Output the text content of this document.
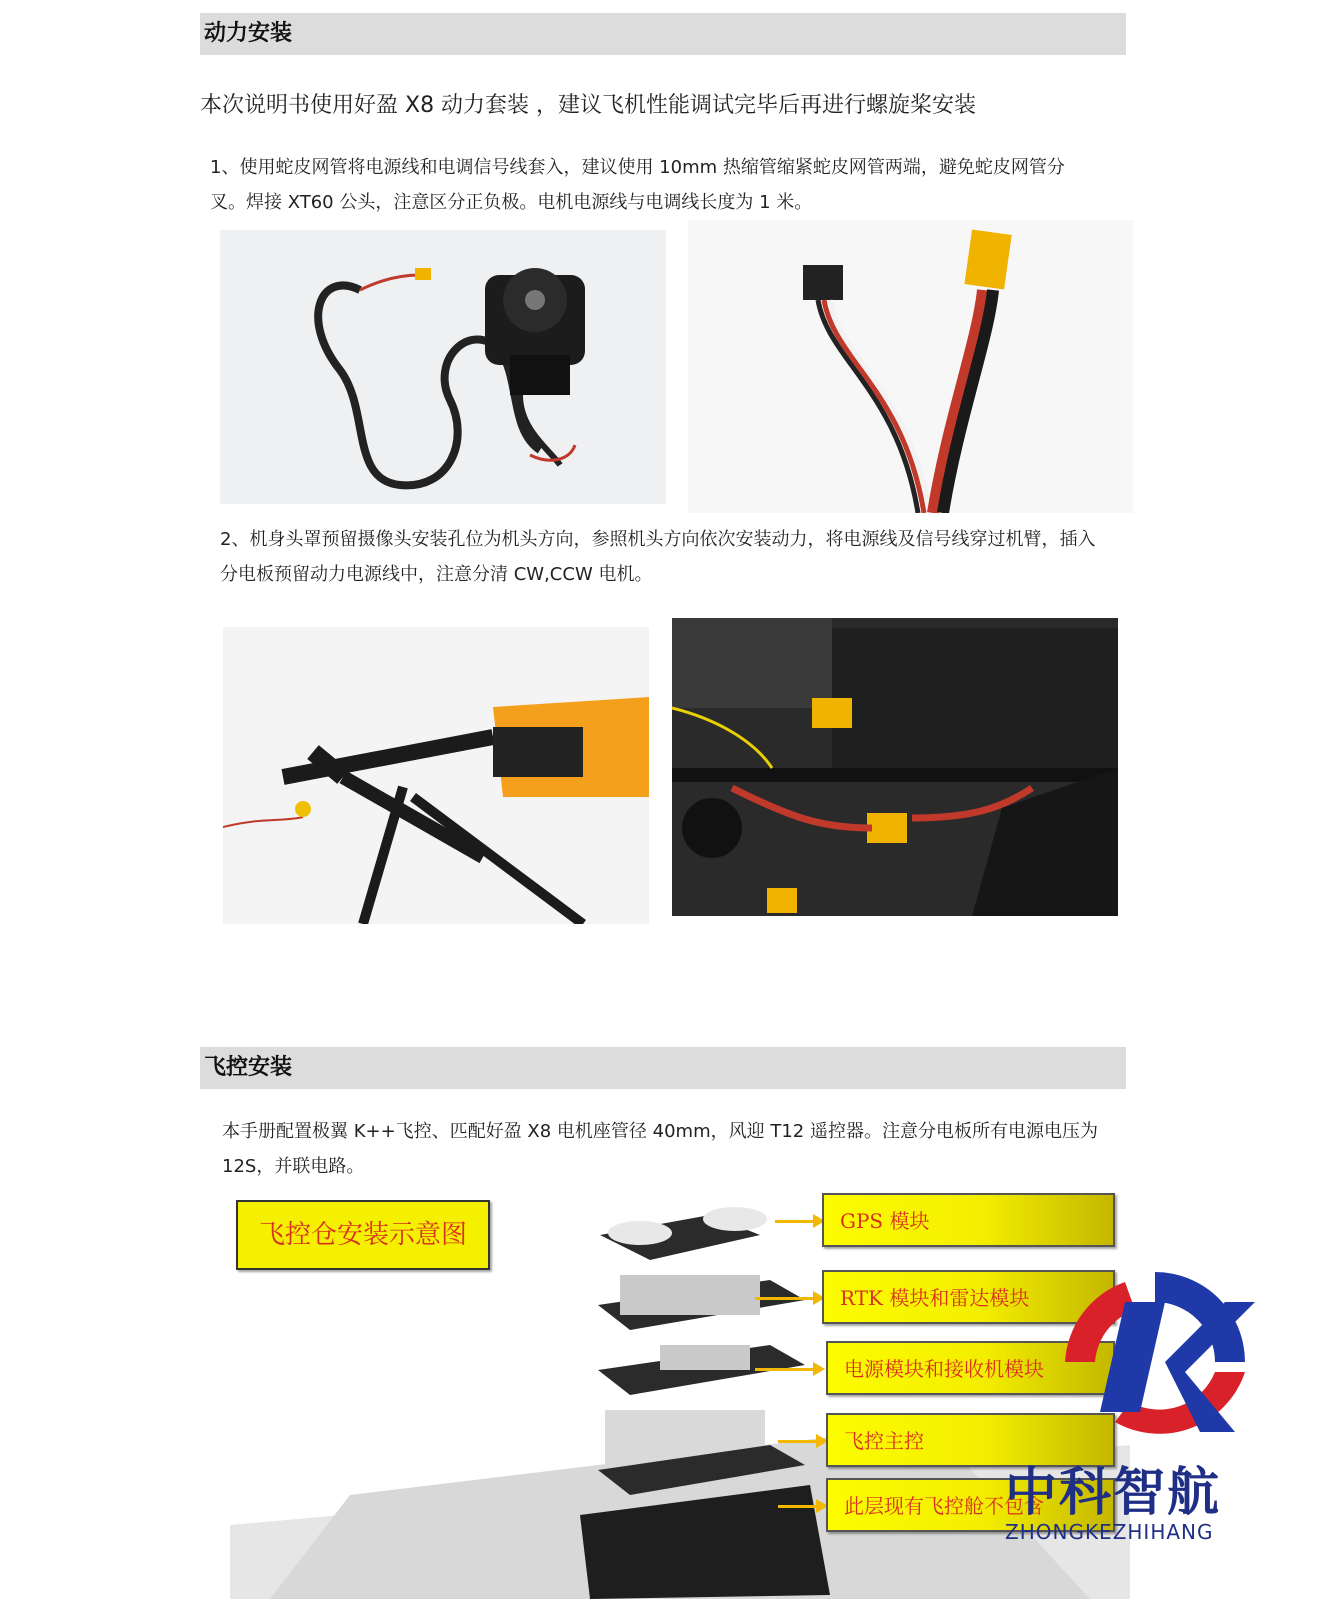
动力安装
本次说明书使用好盈 X8 动力套装 ，建议飞机性能调试完毕后再进行螺旋桨安装
1、使用蛇皮网管将电源线和电调信号线套入，建议使用 10mm 热缩管缩紧蛇皮网管两端，避免蛇皮网管分叉。焊接 XT60 公头，注意区分正负极。电机电源线与电调线长度为 1 米。
2、机身头罩预留摄像头安装孔位为机头方向，参照机头方向依次安装动力，将电源线及信号线穿过机臂，插入分电板预留动力电源线中，注意分清 CW,CCW 电机。
飞控安装
本手册配置极翼 K++飞控、匹配好盈 X8 电机座管径 40mm，风迎 T12 遥控器。注意分电板所有电源电压为 12S，并联电路。
飞控仓安装示意图	GPS 模块
RTK 模块和雷达模块
电源模块和接收机模块
飞控主控
此层现有飞控舱不包含
中科智航
ZHONGKEZHIHANG
